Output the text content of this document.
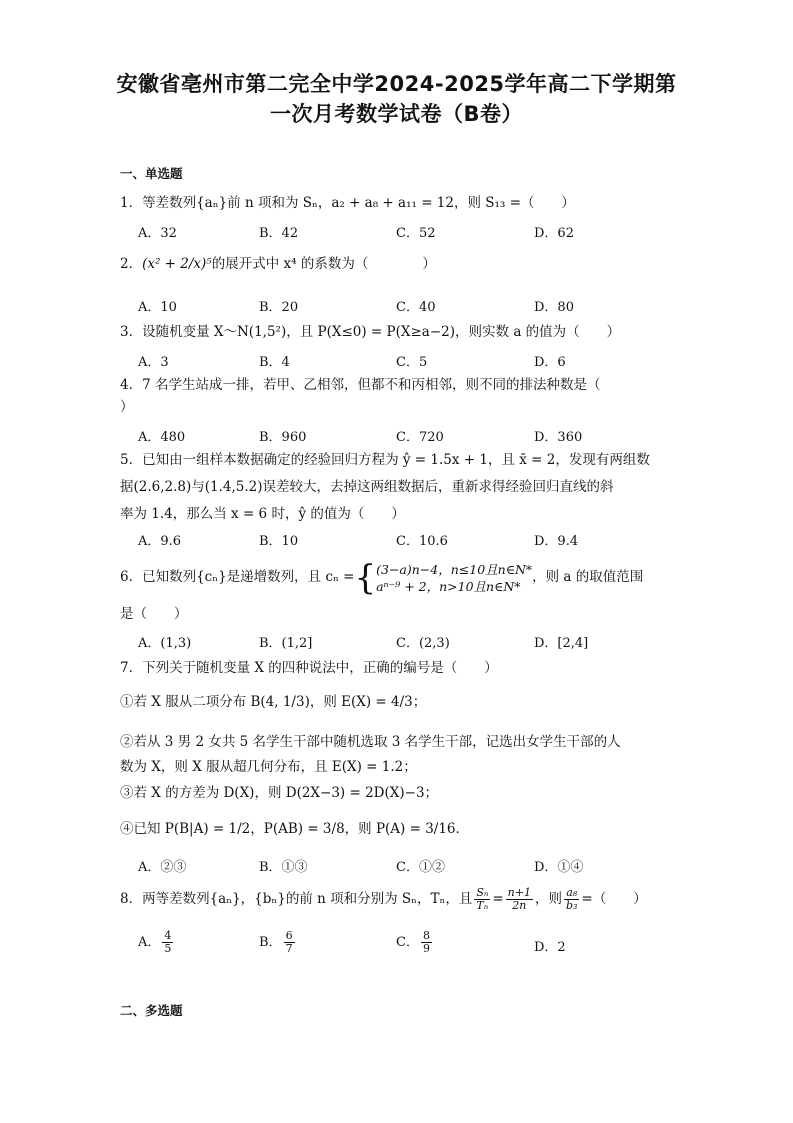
安徽省亳州市第二完全中学2024-2025学年高二下学期第
一次月考数学试卷（B卷）
一、单选题
1．等差数列{aₙ}前 n 项和为 Sₙ，a₂ + a₈ + a₁₁ = 12，则 S₁₃ =（　　）
A．32	B．42	C．52	D．62
2．(x² + 2/x)⁵的展开式中 x⁴ 的系数为（　　　　）
A．10	B．20	C．40	D．80
3．设随机变量 X～N(1,5²)，且 P(X≤0) = P(X≥a−2)，则实数 a 的值为（　　）
A．3	B．4	C．5	D．6
4．7 名学生站成一排，若甲、乙相邻，但都不和丙相邻，则不同的排法种数是（
）
A．480	B．960	C．720	D．360
5．已知由一组样本数据确定的经验回归方程为 ŷ = 1.5x + 1，且 x̄ = 2，发现有两组数
据(2.6,2.8)与(1.4,5.2)误差较大，去掉这两组数据后，重新求得经验回归直线的斜
率为 1.4，那么当 x = 6 时，ŷ 的值为（　　）
A．9.6	B．10	C．10.6	D．9.4
6．已知数列{cₙ}是递增数列，且 cₙ ={ (3−a)n−4，n≤10且n∈N*
aⁿ⁻⁹ + 2，n>10且n∈N*
，则 a 的取值范围
是（　　）
A．(1,3)	B．(1,2]	C．(2,3)	D．[2,4]
7．下列关于随机变量 X 的四种说法中，正确的编号是（　　）
①若 X 服从二项分布 B(4, 1/3)，则 E(X) = 4/3；
②若从 3 男 2 女共 5 名学生干部中随机选取 3 名学生干部，记选出女学生干部的人
数为 X，则 X 服从超几何分布，且 E(X) = 1.2；
③若 X 的方差为 D(X)，则 D(2X−3) = 2D(X)−3；
④已知 P(B|A) = 1/2，P(AB) = 3/8，则 P(A) = 3/16．
A．②③	B．①③	C．①②	D．①④
8．两等差数列{aₙ}，{bₙ}的前 n 项和分别为 Sₙ，Tₙ，且 $\frac{\text{Sₙ}}{\text{Tₙ}} = \frac{n+1}{2n}$ ，则 $\frac{\text{a₈}}{\text{b₃}}$ =（　　）
A． $\frac{4}{5}$	B． $\frac{6}{7}$	C． $\frac{8}{9}$	D．2
二、多选题
